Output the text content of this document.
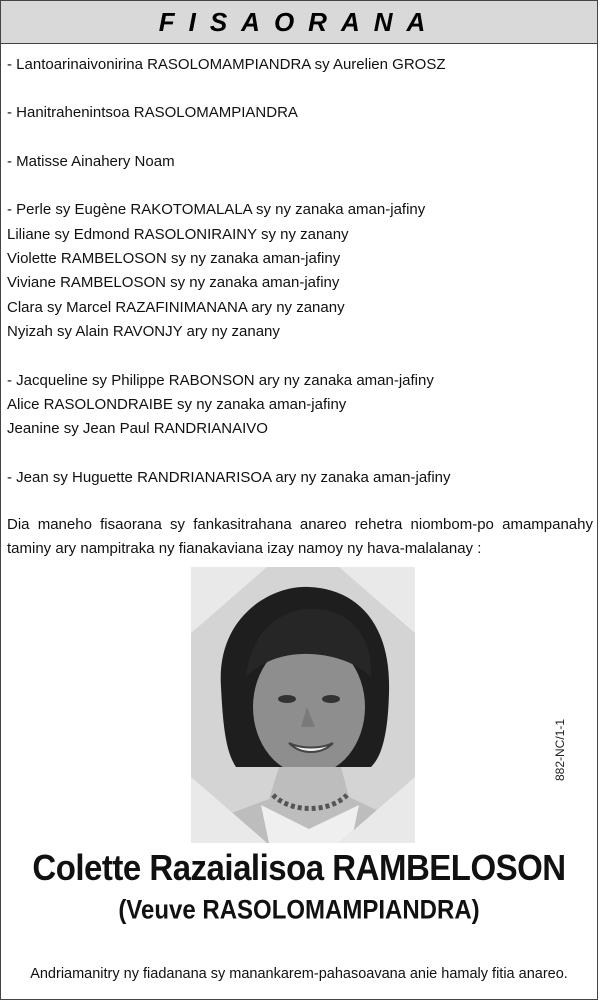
FISAORANA
- Lantoarinaivonirina RASOLOMAMPIANDRA sy Aurelien GROSZ
- Hanitrahenintsoa RASOLOMAMPIANDRA
- Matisse Ainahery Noam
- Perle sy Eugène RAKOTOMALALA sy ny zanaka aman-jafiny
Liliane sy Edmond RASOLONIRAINY sy ny zanany
Violette RAMBELOSON sy ny zanaka aman-jafiny
Viviane RAMBELOSON sy ny zanaka aman-jafiny
Clara sy Marcel RAZAFINIMANANA ary ny zanany
Nyizah sy Alain RAVONJY ary ny zanany
- Jacqueline sy Philippe RABONSON ary ny zanaka aman-jafiny
Alice RASOLONDRAIBE sy ny zanaka aman-jafiny
Jeanine sy Jean Paul RANDRIANAIVO
- Jean sy Huguette RANDRIANARISOA ary ny zanaka aman-jafiny
Dia maneho fisaorana sy fankasitrahana anareo rehetra niombom-po amampanahy taminy ary nampitraka ny fianakaviana izay namoy ny hava-malalanay :
882-NC/1-1
Colette Razaialisoa RAMBELOSON
(Veuve RASOLOMAMPIANDRA)
Andriamanitry ny fiadanana sy manankarem-pahasoavana anie hamaly fitia anareo.
